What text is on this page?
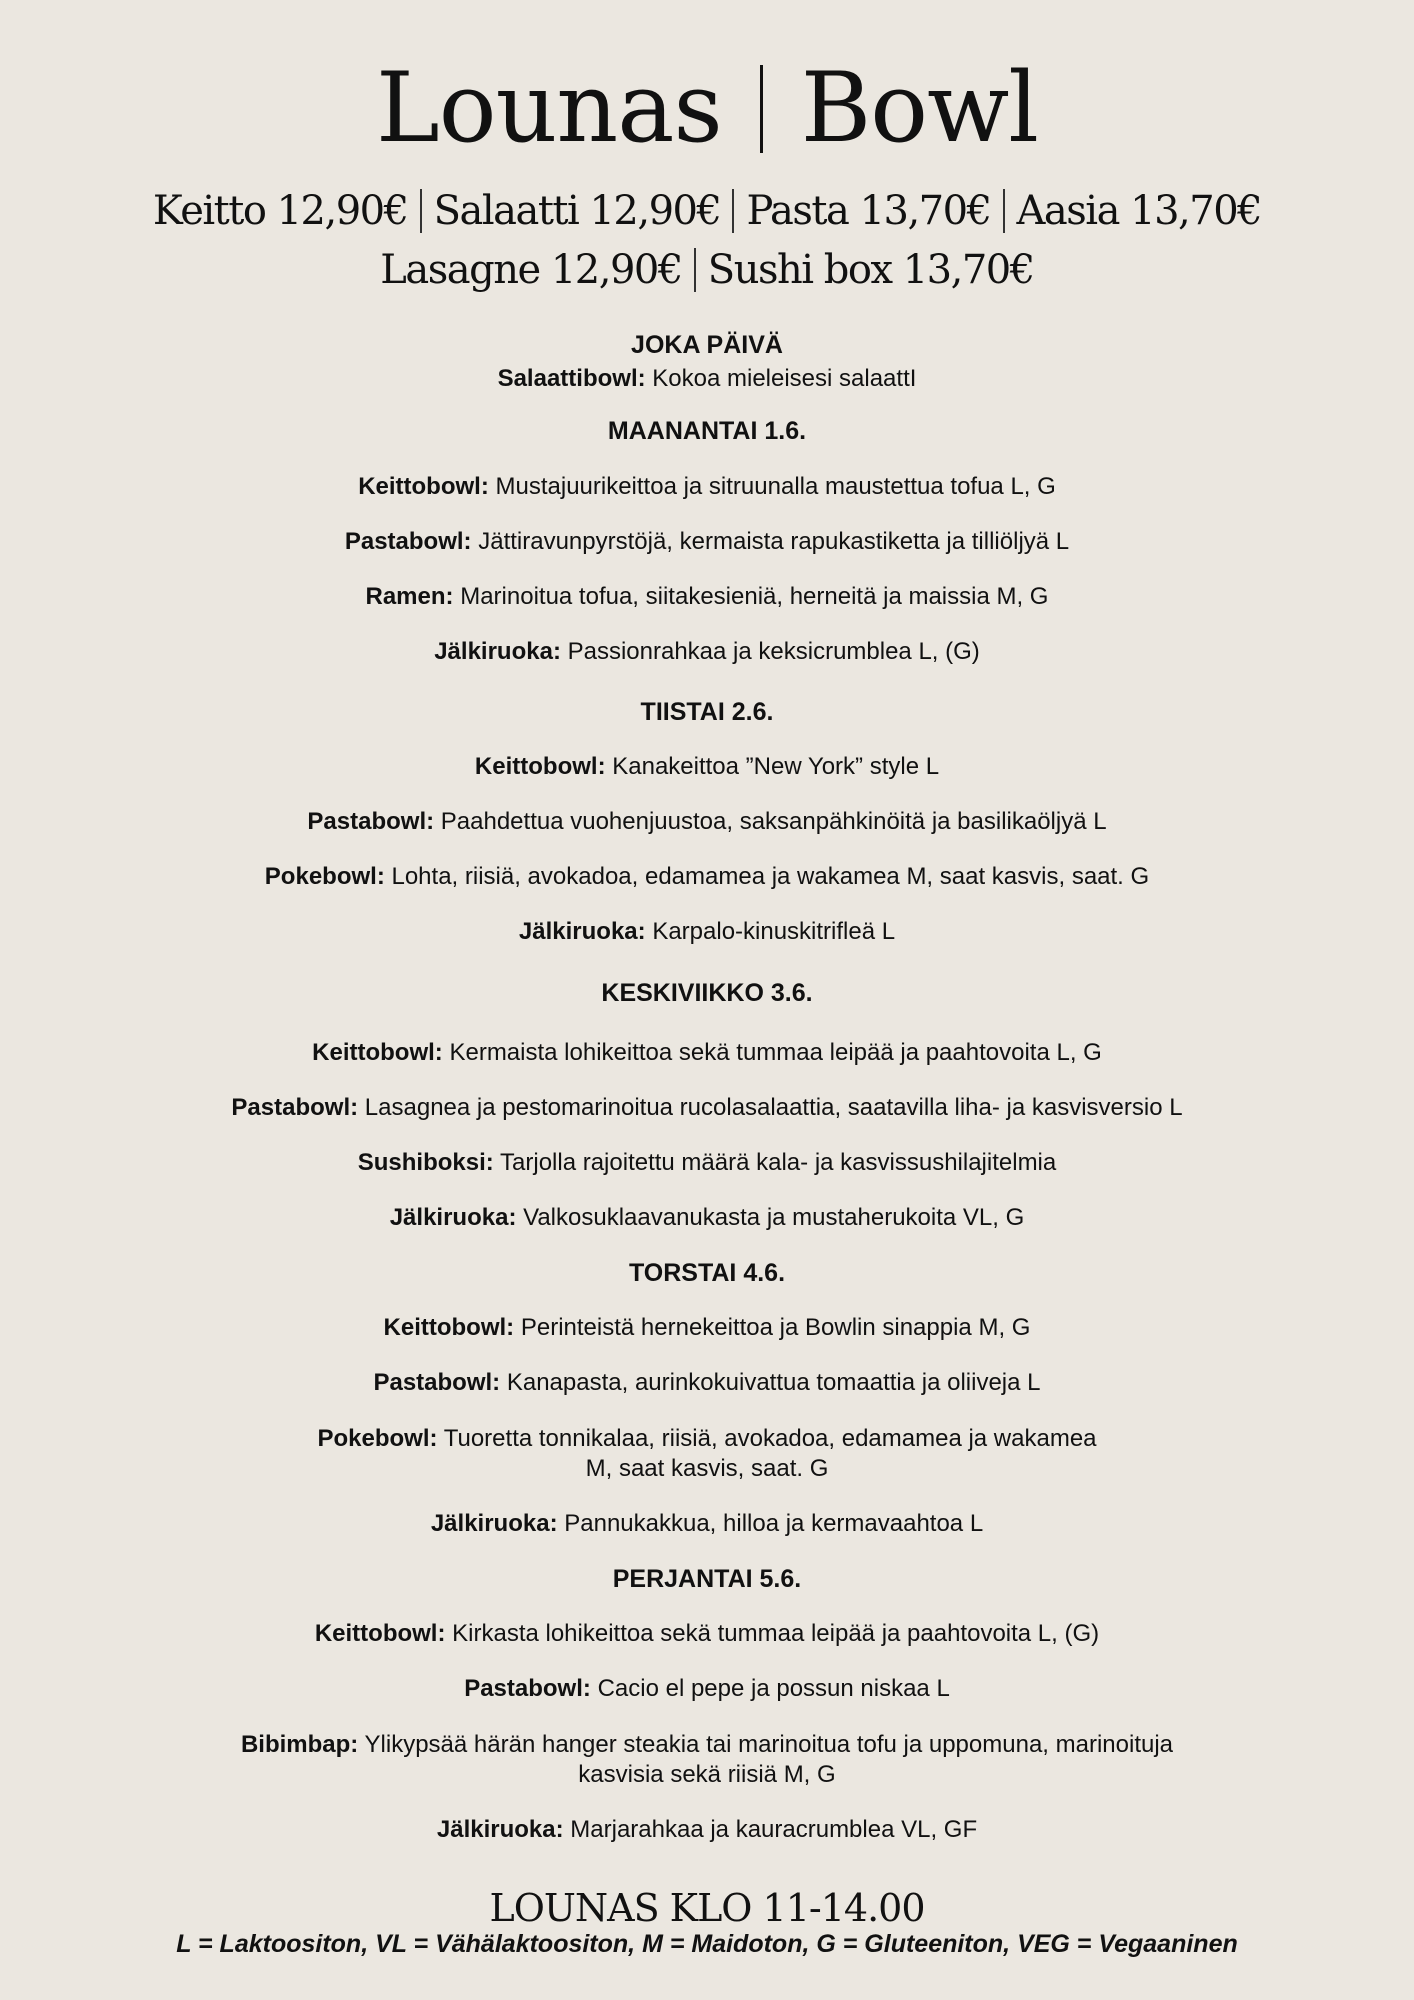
Lounas Bowl
Keitto 12,90€ Salaatti 12,90€ Pasta 13,70€ Aasia 13,70€
Lasagne 12,90€ Sushi box 13,70€
JOKA PÄIVÄ
Salaattibowl: Kokoa mieleisesi salaattI
MAANANTAI 1.6.
Keittobowl: Mustajuurikeittoa ja sitruunalla maustettua tofua L, G
Pastabowl: Jättiravunpyrstöjä, kermaista rapukastiketta ja tilliöljyä L
Ramen: Marinoitua tofua, siitakesieniä, herneitä ja maissia M, G
Jälkiruoka: Passionrahkaa ja keksicrumblea L, (G)
TIISTAI 2.6.
Keittobowl: Kanakeittoa ”New York” style L
Pastabowl: Paahdettua vuohenjuustoa, saksanpähkinöitä ja basilikaöljyä L
Pokebowl: Lohta, riisiä, avokadoa, edamamea ja wakamea M, saat kasvis, saat. G
Jälkiruoka: Karpalo-kinuskitrifleä L
KESKIVIIKKO 3.6.
Keittobowl: Kermaista lohikeittoa sekä tummaa leipää ja paahtovoita L, G
Pastabowl: Lasagnea ja pestomarinoitua rucolasalaattia, saatavilla liha- ja kasvisversio L
Sushiboksi: Tarjolla rajoitettu määrä kala- ja kasvissushilajitelmia
Jälkiruoka: Valkosuklaavanukasta ja mustaherukoita VL, G
TORSTAI 4.6.
Keittobowl: Perinteistä hernekeittoa ja Bowlin sinappia M, G
Pastabowl: Kanapasta, aurinkokuivattua tomaattia ja oliiveja L
Pokebowl: Tuoretta tonnikalaa, riisiä, avokadoa, edamamea ja wakamea
M, saat kasvis, saat. G
Jälkiruoka: Pannukakkua, hilloa ja kermavaahtoa L
PERJANTAI 5.6.
Keittobowl: Kirkasta lohikeittoa sekä tummaa leipää ja paahtovoita L, (G)
Pastabowl: Cacio el pepe ja possun niskaa L
Bibimbap: Ylikypsää härän hanger steakia tai marinoitua tofu ja uppomuna, marinoituja
kasvisia sekä riisiä M, G
Jälkiruoka: Marjarahkaa ja kauracrumblea VL, GF
LOUNAS KLO 11-14.00
L = Laktoositon, VL = Vähälaktoositon, M = Maidoton, G = Gluteeniton, VEG = Vegaaninen
